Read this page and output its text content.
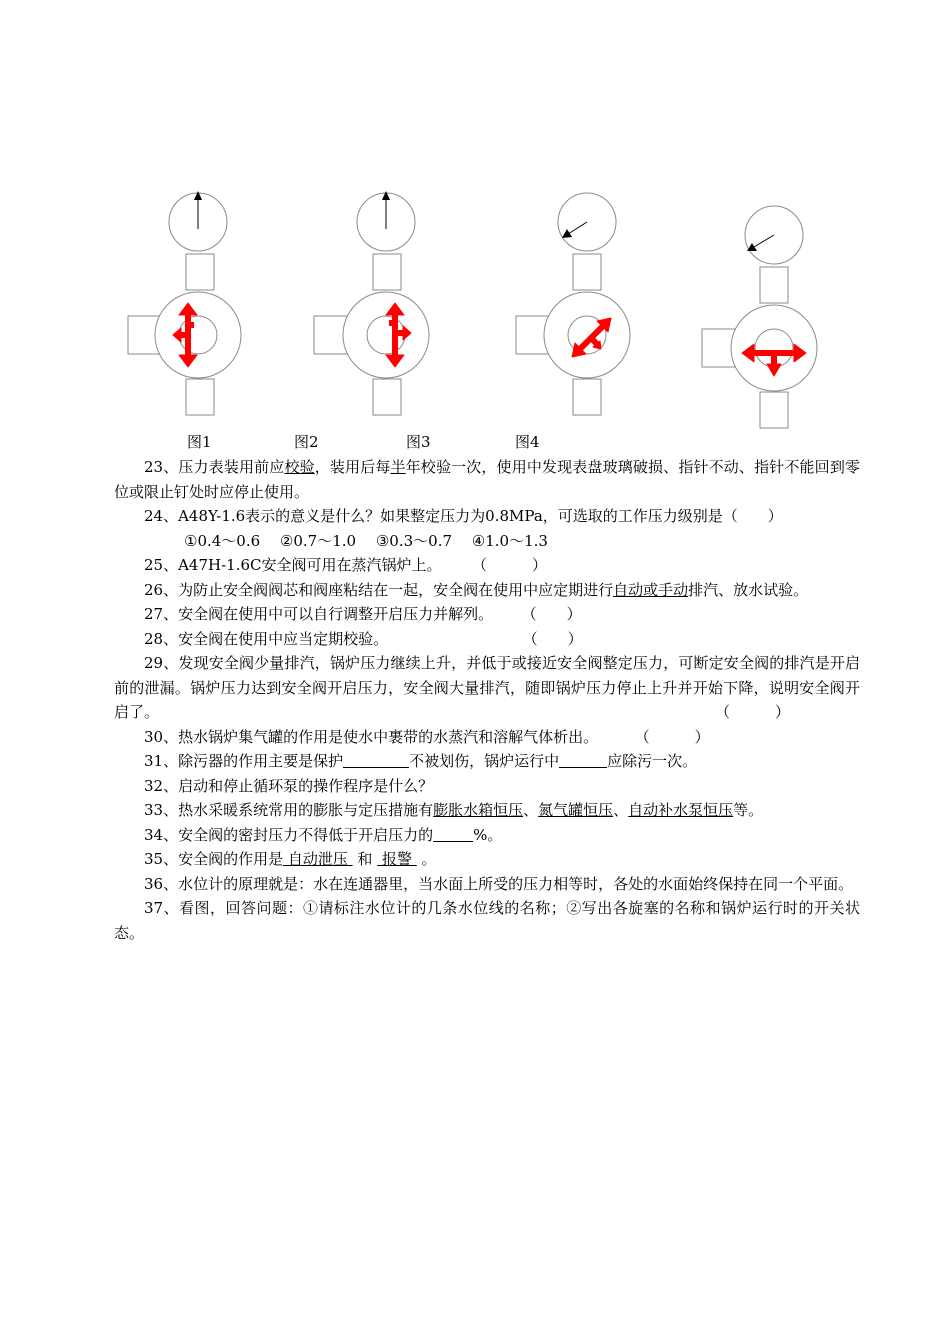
图1	图2	图3	图4

23、压力表装用前应校验，装用后每半年校验一次，使用中发现表盘玻璃破损、指针不动、指针不能回到零位或限止钉处时应停止使用。

24、A48Y-1.6表示的意义是什么？如果整定压力为0.8MPa，可选取的工作压力级别是（　　）

①0.4～0.6　 ②0.7～1.0　 ③0.3～0.7　 ④1.0～1.3

25、A47H-1.6C安全阀可用在蒸汽锅炉上。	（　　　）

26、为防止安全阀阀芯和阀座粘结在一起，安全阀在使用中应定期进行自动或手动排汽、放水试验。

27、安全阀在使用中可以自行调整开启压力并解列。 （　　）

28、安全阀在使用中应当定期校验。	（　　）

29、发现安全阀少量排汽，锅炉压力继续上升，并低于或接近安全阀整定压力，可断定安全阀的排汽是开启前的泄漏。锅炉压力达到安全阀开启压力，安全阀大量排汽，随即锅炉压力停止上升并开始下降，说明安全阀开启了。	（　　　）

30、热水锅炉集气罐的作用是使水中裹带的水蒸汽和溶解气体析出。	（　　　）

31、除污器的作用主要是保护	不被划伤，锅炉运行中	应除污一次。

32、启动和停止循环泵的操作程序是什么？

33、热水采暖系统常用的膨胀与定压措施有膨胀水箱恒压、氮气罐恒压、自动补水泵恒压等。

34、安全阀的密封压力不得低于开启压力的	%。

35、安全阀的作用是 自动泄压  和  报警  。

36、水位计的原理就是：水在连通器里，当水面上所受的压力相等时，各处的水面始终保持在同一个平面。

37、看图，回答问题：①请标注水位计的几条水位线的名称；②写出各旋塞的名称和锅炉运行时的开关状态。
